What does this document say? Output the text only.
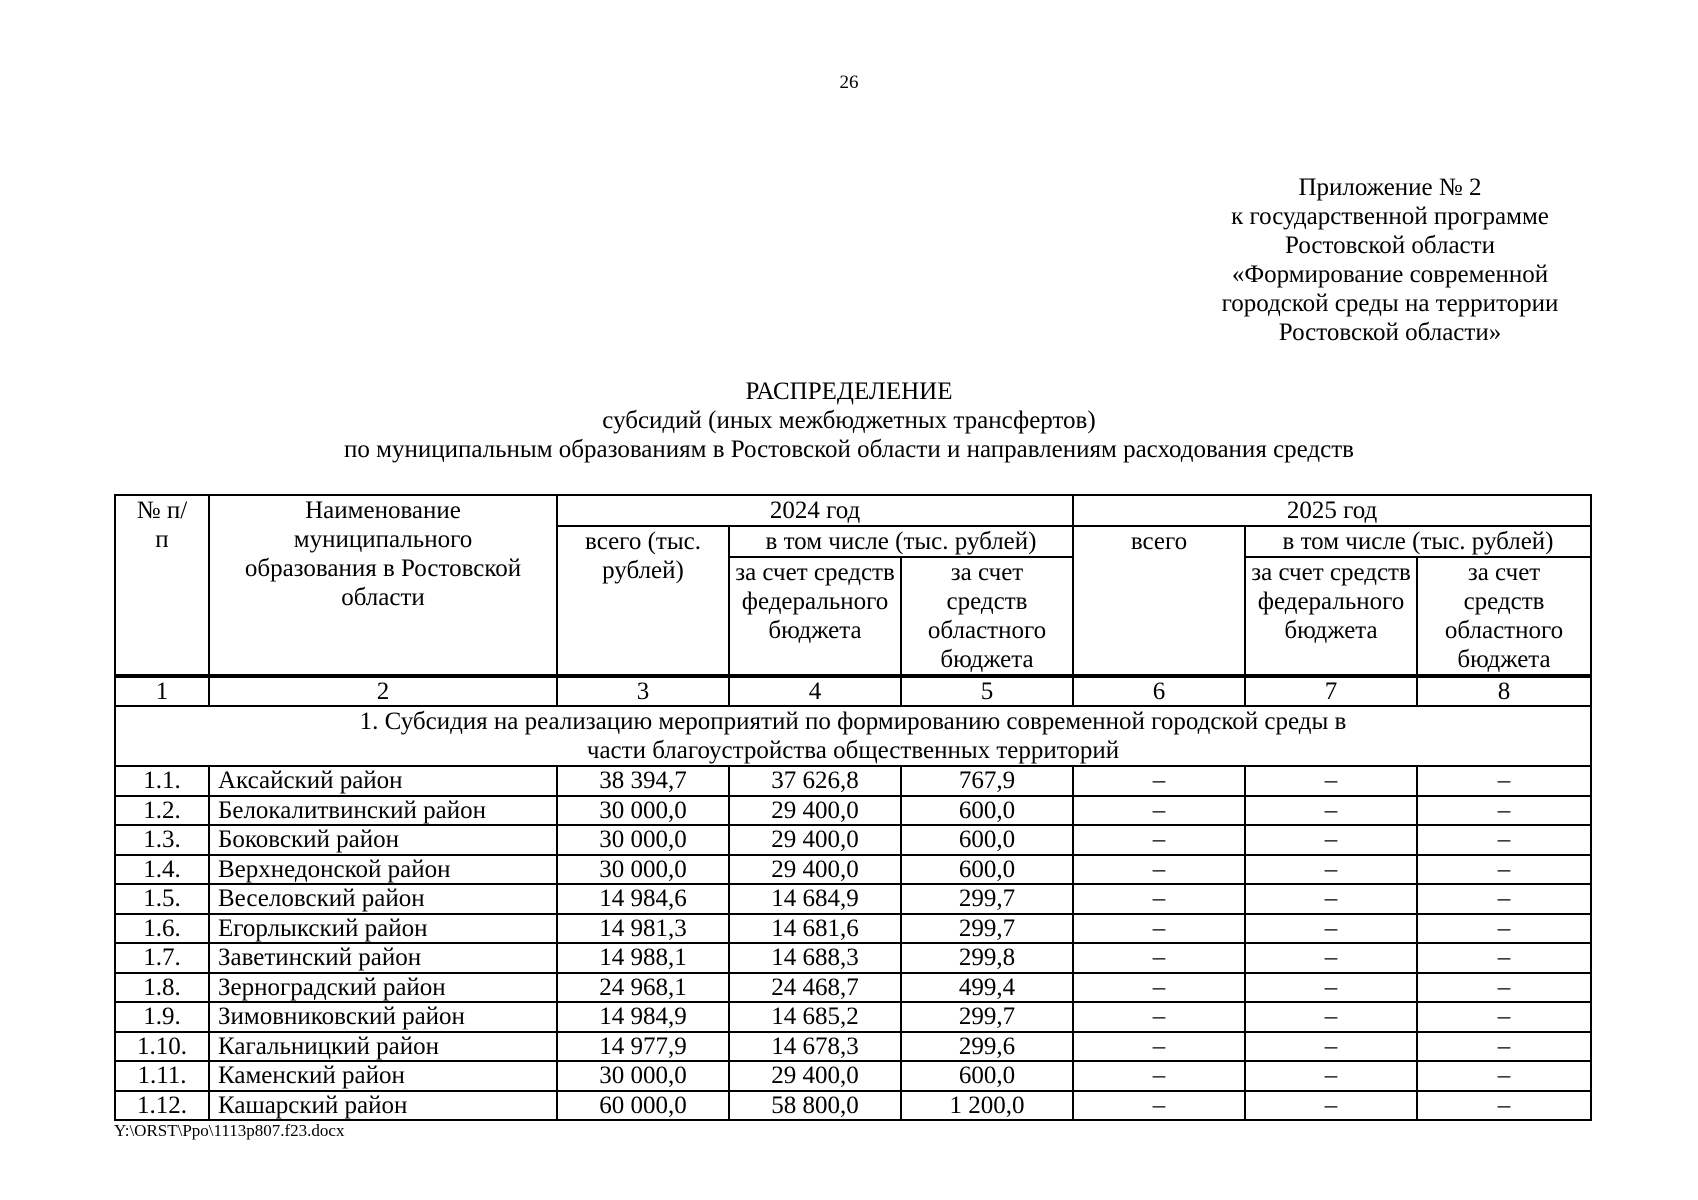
26
Приложение № 2
к государственной программе
Ростовской области
«Формирование современной
городской среды на территории
Ростовской области»
РАСПРЕДЕЛЕНИЕ
субсидий (иных межбюджетных трансфертов)
по муниципальным образованиям в Ростовской области и направлениям расходования средств
№ п/п	Наименование муниципального образования в Ростовской области	2024 год			2025 год		
		всего (тыс. рублей)	в том числе (тыс. рублей)		всего	в том числе (тыс. рублей)	
			за счет средств федерального бюджета	за счет средств областного бюджета		за счет средств федерального бюджета	за счет средств областного бюджета
1	2	3	4	5	6	7	8
1. Субсидия на реализацию мероприятий по формированию современной городской среды в части благоустройства общественных территорий							
1.1.	Аксайский район	38 394,7	37 626,8	767,9	–	–	–
1.2.	Белокалитвинский район	30 000,0	29 400,0	600,0	–	–	–
1.3.	Боковский район	30 000,0	29 400,0	600,0	–	–	–
1.4.	Верхнедонской район	30 000,0	29 400,0	600,0	–	–	–
1.5.	Веселовский район	14 984,6	14 684,9	299,7	–	–	–
1.6.	Егорлыкский район	14 981,3	14 681,6	299,7	–	–	–
1.7.	Заветинский район	14 988,1	14 688,3	299,8	–	–	–
1.8.	Зерноградский район	24 968,1	24 468,7	499,4	–	–	–
1.9.	Зимовниковский район	14 984,9	14 685,2	299,7	–	–	–
1.10.	Кагальницкий район	14 977,9	14 678,3	299,6	–	–	–
1.11.	Каменский район	30 000,0	29 400,0	600,0	–	–	–
1.12.	Кашарский район	60 000,0	58 800,0	1 200,0	–	–	–
Y:\ORST\Ppo\1113p807.f23.docx
